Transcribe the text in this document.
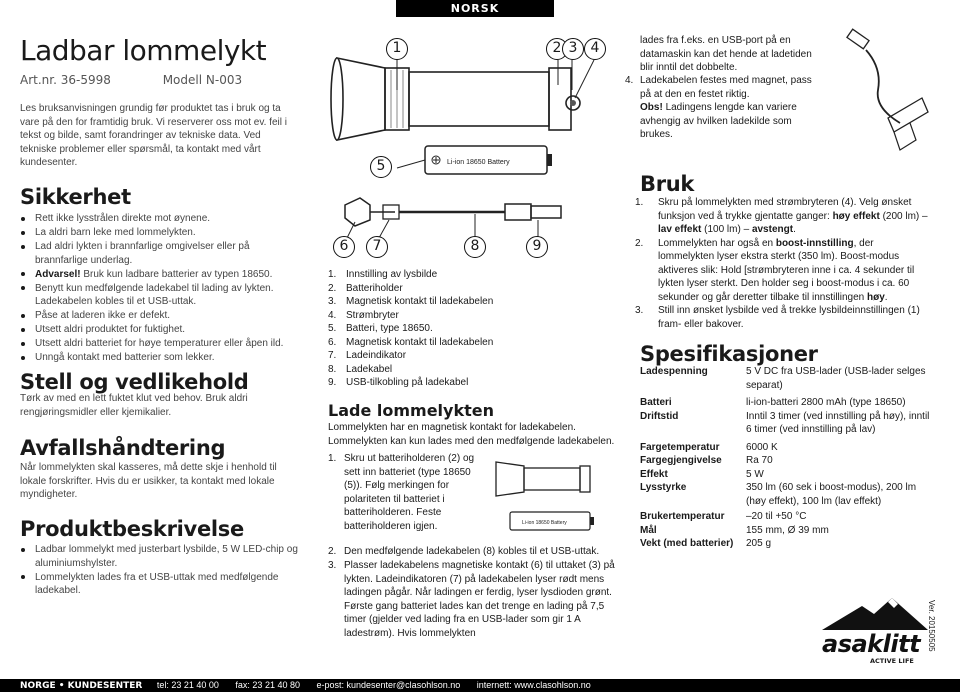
NORSK
Ladbar lommelykt
Art.nr. 36-5998	Modell N-003
Les bruksanvisningen grundig før produktet tas i bruk og ta vare på den for framtidig bruk. Vi reserverer oss mot ev. feil i tekst og bilde, samt forandringer av tekniske data. Ved tekniske problemer eller spørsmål, ta kontakt med vårt kundesenter.
Sikkerhet
Rett ikke lysstrålen direkte mot øynene.
La aldri barn leke med lommelykten.
Lad aldri lykten i brannfarlige omgivelser eller på brannfarlige underlag.
Advarsel! Bruk kun ladbare batterier av typen 18650.
Benytt kun medfølgende ladekabel til lading av lykten. Ladekabelen kobles til et USB-uttak.
Påse at laderen ikke er defekt.
Utsett aldri produktet for fuktighet.
Utsett aldri batteriet for høye temperaturer eller åpen ild.
Unngå kontakt med batterier som lekker.
Stell og vedlikehold
Tørk av med en lett fuktet klut ved behov. Bruk aldri rengjøringsmidler eller kjemikalier.
Avfallshåndtering
Når lommelykten skal kasseres, må dette skje i henhold til lokale forskrifter. Hvis du er usikker, ta kontakt med lokale myndigheter.
Produktbeskrivelse
Ladbar lommelykt med justerbart lysbilde, 5 W LED-chip og aluminiumshylster.
Lommelykten lades fra et USB-uttak med medfølgende ladekabel.
Li-ion 18650 Battery
1	2 3 4
5
6	7	8	9
1. Innstilling av lysbilde
2. Batteriholder
3. Magnetisk kontakt til ladekabelen
4. Strømbryter
5. Batteri, type 18650.
6. Magnetisk kontakt til ladekabelen
7. Ladeindikator
8. Ladekabel
9. USB-tilkobling på ladekabel
Lade lommelykten
Lommelykten har en magnetisk kontakt for ladekabelen. Lommelykten kan kun lades med den medfølgende ladekabelen.
1. Skru ut batteriholderen (2) og sett inn batteriet (type 18650 (5)). Følg merkingen for polariteten til batteriet i batteriholderen. Feste batteriholderen igjen.	Li-ion 18650 Battery
2. Den medfølgende ladekabelen (8) kobles til et USB-uttak.
3. Plasser ladekabelens magnetiske kontakt (6) til uttaket (3) på lykten. Ladeindikatoren (7) på ladekabelen lyser rødt mens ladingen pågår. Når ladingen er ferdig, lyser lysdioden grønt. Første gang batteriet lades kan det trenge en lading på 7,5 timer (gjelder ved lading fra en USB-lader som gir 1 A ladestrøm). Hvis lommelykten
lades fra f.eks. en USB-port på en datamaskin kan det hende at ladetiden blir inntil det dobbelte.
4. Ladekabelen festes med magnet, pass på at den en festet riktig.
Obs! Ladingens lengde kan variere avhengig av hvilken ladekilde som brukes.
Bruk
1.	Skru på lommelykten med strømbryteren (4). Velg ønsket funksjon ved å trykke gjentatte ganger: høy effekt (200 lm) – lav effekt (100 lm) – avstengt.
2.	Lommelykten har også en boost-innstilling, der lommelykten lyser ekstra sterkt (350 lm). Boost-modus aktiveres slik: Hold [strømbryteren inne i ca. 4 sekunder til lykten lyser sterkt. Den holder seg i boost-modus i ca. 60 sekunder og går deretter tilbake til innstillingen høy.
3.	Still inn ønsket lysbilde ved å trekke lysbildeinnstillingen (1) fram- eller bakover.
Spesifikasjoner
Ladespenning	5 V DC fra USB-lader (USB-lader selges separat)
Batteri	li-ion-batteri 2800 mAh (type 18650)
Driftstid	Inntil 3 timer (ved innstilling på høy), inntil 6 timer (ved innstilling på lav)
Fargetemperatur	6000 K
Fargegjengivelse	Ra 70
Effekt	5 W
Lysstyrke	350 lm (60 sek i boost-modus), 200 lm (høy effekt), 100 lm (lav effekt)
Brukertemperatur	–20 til +50 °C
Mål	155 mm, Ø 39 mm
Vekt (med batterier)	205 g
asaklitt
ACTIVE LIFE
Ver. 20150505
NORGE • KUNDESENTER tel: 23 21 40 00 fax: 23 21 40 80 e-post: kundesenter@clasohlson.no internett: www.clasohlson.no
